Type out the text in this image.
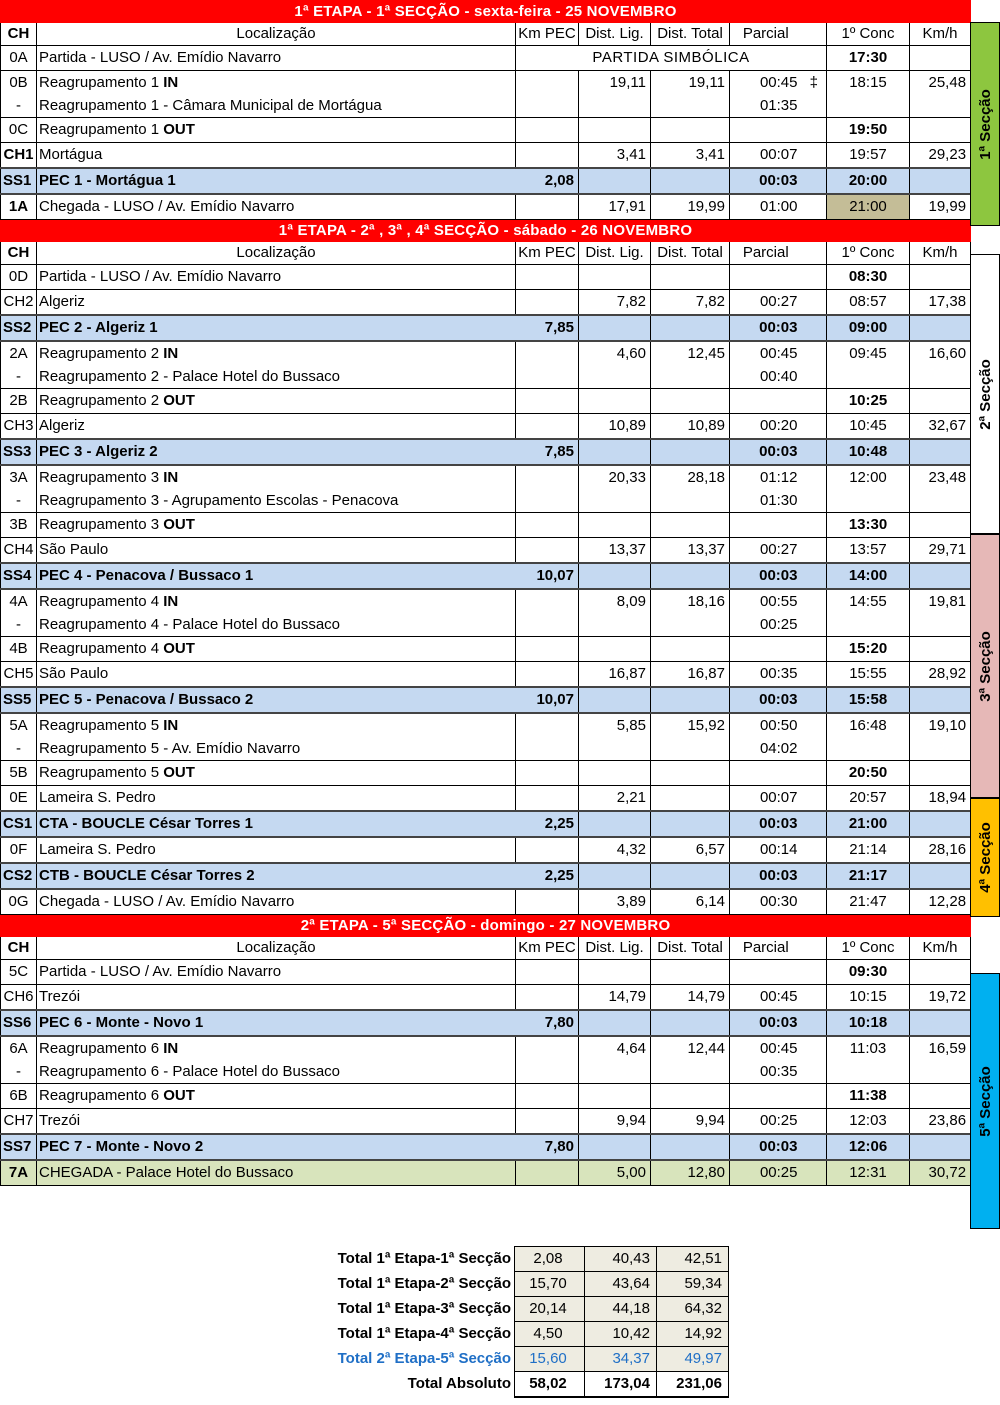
1ª ETAPA - 1ª SECÇÃO - sexta-feira - 25 NOVEMBRO								
CH	Localização	Km PEC	Dist. Lig.	Dist. Total	Parcial		1º Conc	Km/h
0A	Partida - LUSO / Av. Emídio Navarro	PARTIDA SIMBÓLICA					17:30	
0B	Reagrupamento 1 IN		19,11	19,11	00:45	‡	18:15	25,48
-	Reagrupamento 1 - Câmara Municipal de Mortágua				01:35			
0C	Reagrupamento 1 OUT						19:50	
CH1	Mortágua		3,41	3,41	00:07		19:57	29,23
SS1	PEC 1 - Mortágua 1	2,08			00:03		20:00	
1A	Chegada - LUSO / Av. Emídio Navarro		17,91	19,99	01:00		21:00	19,99
1ª ETAPA - 2ª , 3ª , 4ª SECÇÃO - sábado - 26 NOVEMBRO								
CH	Localização	Km PEC	Dist. Lig.	Dist. Total	Parcial		1º Conc	Km/h
0D	Partida - LUSO / Av. Emídio Navarro						08:30	
CH2	Algeriz		7,82	7,82	00:27		08:57	17,38
SS2	PEC 2 - Algeriz 1	7,85			00:03		09:00	
2A	Reagrupamento 2 IN		4,60	12,45	00:45		09:45	16,60
-	Reagrupamento 2 - Palace Hotel do Bussaco				00:40			
2B	Reagrupamento 2 OUT						10:25	
CH3	Algeriz		10,89	10,89	00:20		10:45	32,67
SS3	PEC 3 - Algeriz 2	7,85			00:03		10:48	
3A	Reagrupamento 3 IN		20,33	28,18	01:12		12:00	23,48
-	Reagrupamento 3 - Agrupamento Escolas - Penacova				01:30			
3B	Reagrupamento 3 OUT						13:30	
CH4	São Paulo		13,37	13,37	00:27		13:57	29,71
SS4	PEC 4 - Penacova / Bussaco 1	10,07			00:03		14:00	
4A	Reagrupamento 4 IN		8,09	18,16	00:55		14:55	19,81
-	Reagrupamento 4 - Palace Hotel do Bussaco				00:25			
4B	Reagrupamento 4 OUT						15:20	
CH5	São Paulo		16,87	16,87	00:35		15:55	28,92
SS5	PEC 5 - Penacova / Bussaco 2	10,07			00:03		15:58	
5A	Reagrupamento 5 IN		5,85	15,92	00:50		16:48	19,10
-	Reagrupamento 5 - Av. Emídio Navarro				04:02			
5B	Reagrupamento 5 OUT						20:50	
0E	Lameira S. Pedro		2,21		00:07		20:57	18,94
CS1	CTA - BOUCLE César Torres 1	2,25			00:03		21:00	
0F	Lameira S. Pedro		4,32	6,57	00:14		21:14	28,16
CS2	CTB - BOUCLE César Torres 2	2,25			00:03		21:17	
0G	Chegada - LUSO / Av. Emídio Navarro		3,89	6,14	00:30		21:47	12,28
2ª ETAPA - 5ª SECÇÃO - domingo - 27 NOVEMBRO								
CH	Localização	Km PEC	Dist. Lig.	Dist. Total	Parcial		1º Conc	Km/h
5C	Partida - LUSO / Av. Emídio Navarro						09:30	
CH6	Trezói		14,79	14,79	00:45		10:15	19,72
SS6	PEC 6 - Monte - Novo 1	7,80			00:03		10:18	
6A	Reagrupamento 6 IN		4,64	12,44	00:45		11:03	16,59
-	Reagrupamento 6 - Palace Hotel do Bussaco				00:35			
6B	Reagrupamento 6 OUT						11:38	
CH7	Trezói		9,94	9,94	00:25		12:03	23,86
SS7	PEC 7 - Monte - Novo 2	7,80			00:03		12:06	
7A	CHEGADA - Palace Hotel do Bussaco		5,00	12,80	00:25		12:31	30,72
1ª Secção
2ª Secção
3ª Secção
4ª Secção
5ª Secção
Total 1ª Etapa-1ª Secção	2,08	40,43	42,51
Total 1ª Etapa-2ª Secção	15,70	43,64	59,34
Total 1ª Etapa-3ª Secção	20,14	44,18	64,32
Total 1ª Etapa-4ª Secção	4,50	10,42	14,92
Total 2ª Etapa-5ª Secção	15,60	34,37	49,97
Total Absoluto	58,02	173,04	231,06
